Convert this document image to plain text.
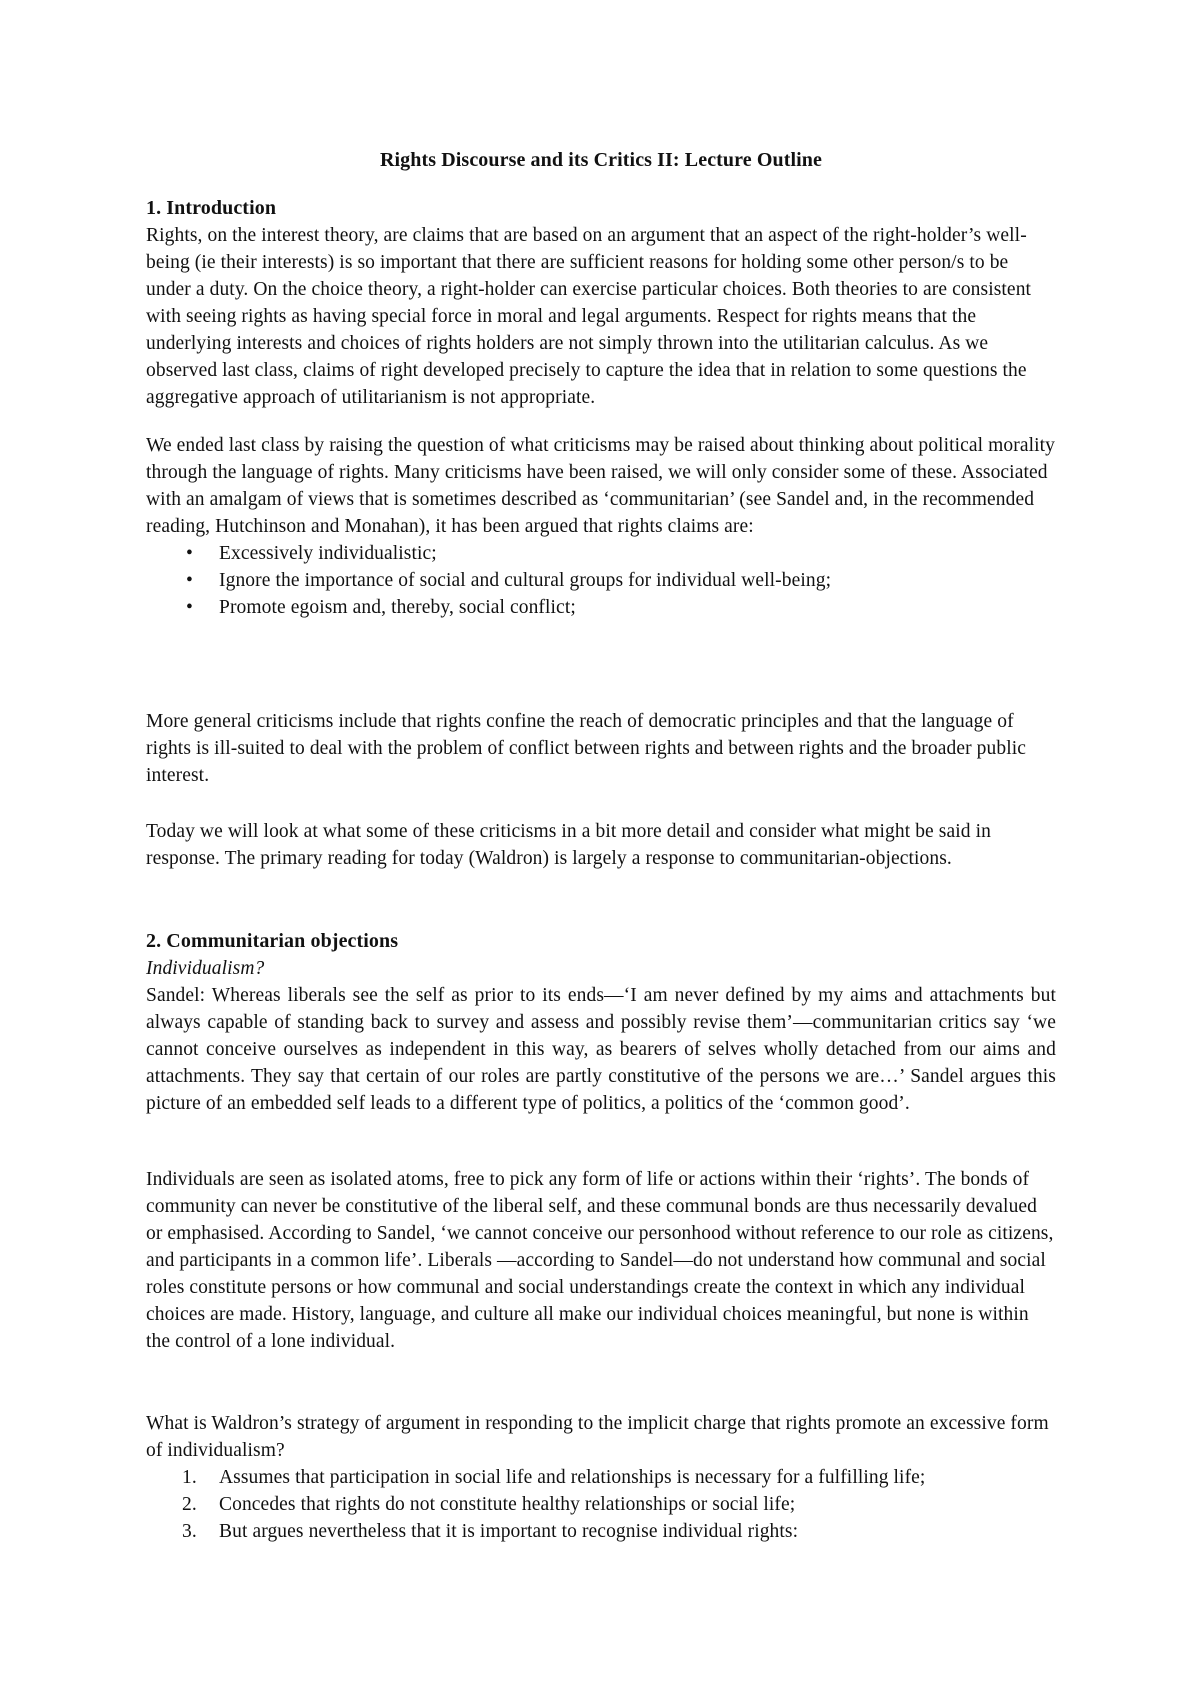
Rights Discourse and its Critics II: Lecture Outline
1. Introduction

Rights, on the interest theory, are claims that are based on an argument that an aspect of the right-holder’s well-being (ie their interests) is so important that there are sufficient reasons for holding some other person/s to be under a duty. On the choice theory, a right-holder can exercise particular choices. Both theories to are consistent with seeing rights as having special force in moral and legal arguments. Respect for rights means that the underlying interests and choices of rights holders are not simply thrown into the utilitarian calculus. As we observed last class, claims of right developed precisely to capture the idea that in relation to some questions the aggregative approach of utilitarianism is not appropriate.

We ended last class by raising the question of what criticisms may be raised about thinking about political morality through the language of rights. Many criticisms have been raised, we will only consider some of these. Associated with an amalgam of views that is sometimes described as ‘communitarian’ (see Sandel and, in the recommended reading, Hutchinson and Monahan), it has been argued that rights claims are:

• Excessively individualistic;
• Ignore the importance of social and cultural groups for individual well-being;
• Promote egoism and, thereby, social conflict;

More general criticisms include that rights confine the reach of democratic principles and that the language of rights is ill-suited to deal with the problem of conflict between rights and between rights and the broader public interest.

Today we will look at what some of these criticisms in a bit more detail and consider what might be said in response. The primary reading for today (Waldron) is largely a response to communitarian-objections.

2. Communitarian objections

Individualism?

Sandel: Whereas liberals see the self as prior to its ends—‘I am never defined by my aims and attachments but always capable of standing back to survey and assess and possibly revise them’—communitarian critics say ‘we cannot conceive ourselves as independent in this way, as bearers of selves wholly detached from our aims and attachments. They say that certain of our roles are partly constitutive of the persons we are…’ Sandel argues this picture of an embedded self leads to a different type of politics, a politics of the ‘common good’.

Individuals are seen as isolated atoms, free to pick any form of life or actions within their ‘rights’. The bonds of community can never be constitutive of the liberal self, and these communal bonds are thus necessarily devalued or emphasised. According to Sandel, ‘we cannot conceive our personhood without reference to our role as citizens, and participants in a common life’. Liberals —according to Sandel—do not understand how communal and social roles constitute persons or how communal and social understandings create the context in which any individual choices are made. History, language, and culture all make our individual choices meaningful, but none is within the control of a lone individual.

What is Waldron’s strategy of argument in responding to the implicit charge that rights promote an excessive form of individualism?

1. Assumes that participation in social life and relationships is necessary for a fulfilling life;
2. Concedes that rights do not constitute healthy relationships or social life;
3. But argues nevertheless that it is important to recognise individual rights:
